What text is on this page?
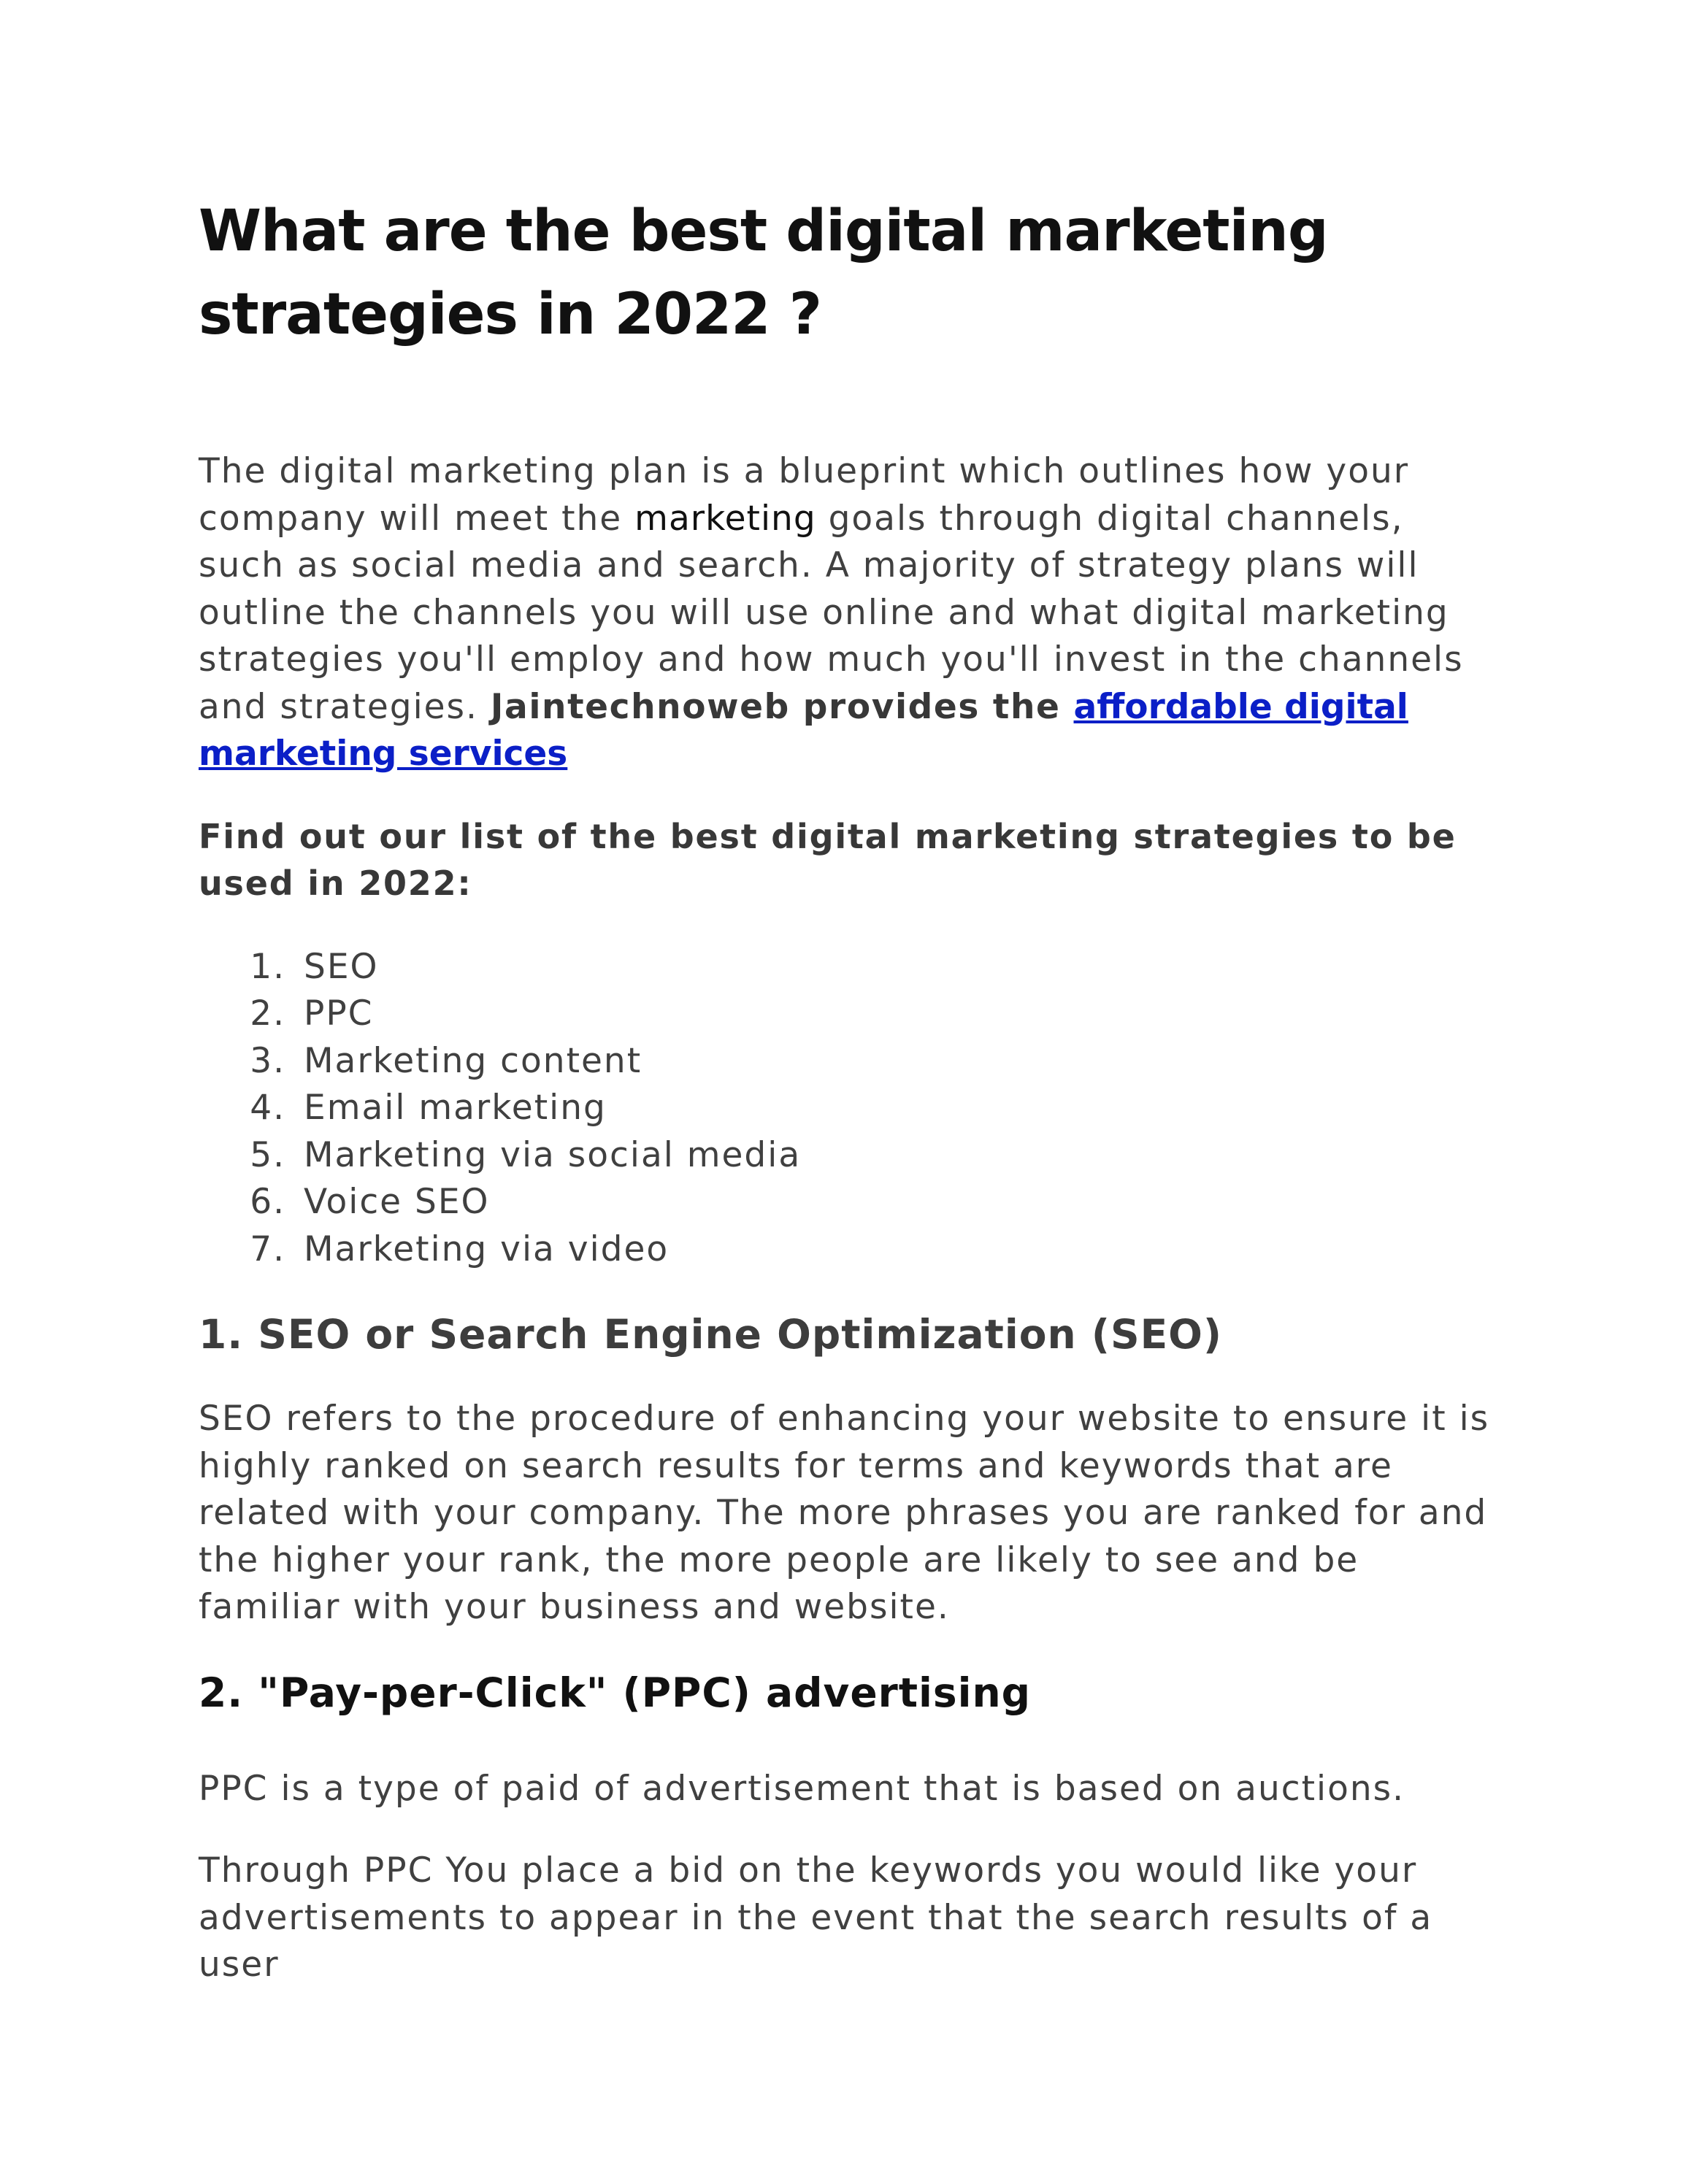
What are the best digital marketing strategies in 2022 ?

The digital marketing plan is a blueprint which outlines how your company will meet the marketing goals through digital channels, such as social media and search. A majority of strategy plans will outline the channels you will use online and what digital marketing strategies you'll employ and how much you'll invest in the channels and strategies. Jaintechnoweb provides the affordable digital marketing services

Find out our list of the best digital marketing strategies to be used in 2022:

1. SEO
2. PPC
3. Marketing content
4. Email marketing
5. Marketing via social media
6. Voice SEO
7. Marketing via video
1. SEO or Search Engine Optimization (SEO)

SEO refers to the procedure of enhancing your website to ensure it is highly ranked on search results for terms and keywords that are related with your company. The more phrases you are ranked for and the higher your rank, the more people are likely to see and be familiar with your business and website.

2. "Pay-per-Click" (PPC) advertising

PPC is a type of paid of advertisement that is based on auctions.

Through PPC You place a bid on the keywords you would like your advertisements to appear in the event that the search results of a user
